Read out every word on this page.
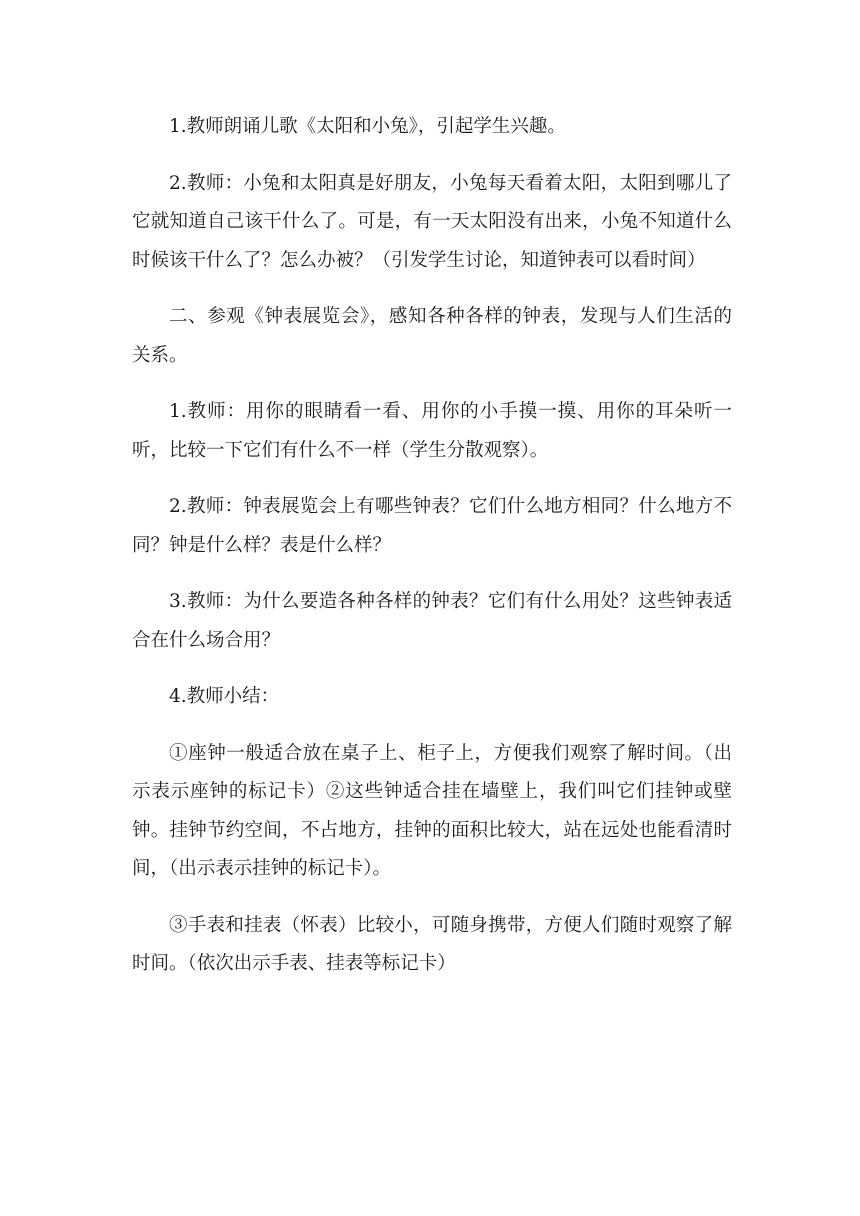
1.教师朗诵儿歌《太阳和小兔》，引起学生兴趣。

2.教师：小兔和太阳真是好朋友，小兔每天看着太阳，太阳到哪儿了它就知道自己该干什么了。可是，有一天太阳没有出来，小兔不知道什么时候该干什么了？怎么办被？（引发学生讨论，知道钟表可以看时间）

二、参观《钟表展览会》，感知各种各样的钟表，发现与人们生活的关系。

1.教师：用你的眼睛看一看、用你的小手摸一摸、用你的耳朵听一听，比较一下它们有什么不一样（学生分散观察）。

2.教师：钟表展览会上有哪些钟表？它们什么地方相同？什么地方不同？钟是什么样？表是什么样？

3.教师：为什么要造各种各样的钟表？它们有什么用处？这些钟表适合在什么场合用？

4.教师小结：

①座钟一般适合放在桌子上、柜子上，方便我们观察了解时间。（出示表示座钟的标记卡）②这些钟适合挂在墙壁上，我们叫它们挂钟或壁钟。挂钟节约空间，不占地方，挂钟的面积比较大，站在远处也能看清时间，（出示表示挂钟的标记卡）。

③手表和挂表（怀表）比较小，可随身携带，方便人们随时观察了解时间。（依次出示手表、挂表等标记卡）
